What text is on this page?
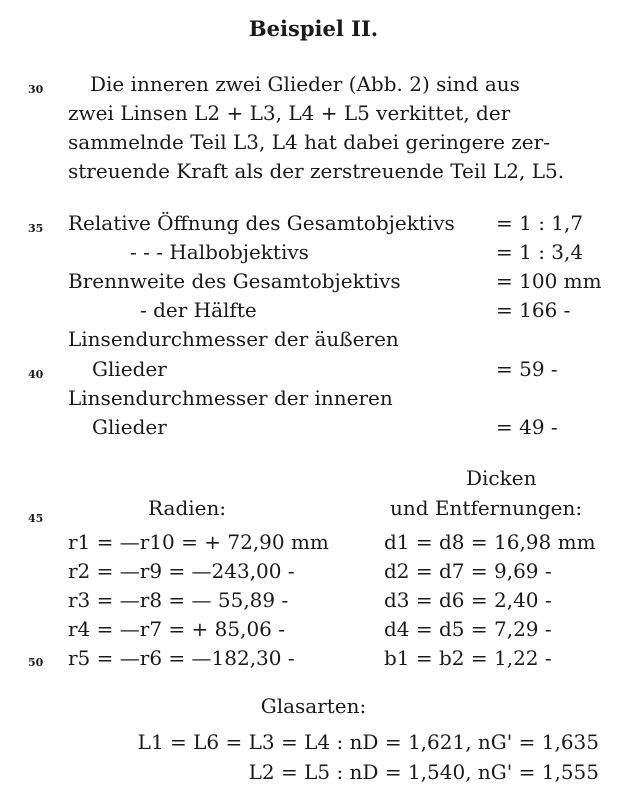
Beispiel II.
30
35
40
45
50
Die inneren zwei Glieder (Abb. 2) sind aus
zwei Linsen L2 + L3, L4 + L5 verkittet, der
sammelnde Teil L3, L4 hat dabei geringere zer-
streuende Kraft als der zerstreuende Teil L2, L5.
Relative Öffnung des Gesamtobjektivs = 1 : 1,7
- - - Halbobjektivs	= 1 : 3,4
Brennweite des Gesamtobjektivs	= 100 mm
- der Hälfte	= 166 -
Linsendurchmesser der äußeren
Glieder	= 59 -
Linsendurchmesser der inneren
Glieder	= 49 -
Dicken
Radien:	und Entfernungen:
r1 = —r10 = + 72,90 mm	d1 = d8 = 16,98 mm
r2 = —r9 = —243,00 -	d2 = d7 = 9,69 -
r3 = —r8 = — 55,89 -	d3 = d6 = 2,40 -
r4 = —r7 = + 85,06 -	d4 = d5 = 7,29 -
r5 = —r6 = —182,30 -	b1 = b2 = 1,22 -
Glasarten:
L1 = L6 = L3 = L4 : nD = 1,621, nG' = 1,635
L2 = L5 : nD = 1,540, nG' = 1,555
